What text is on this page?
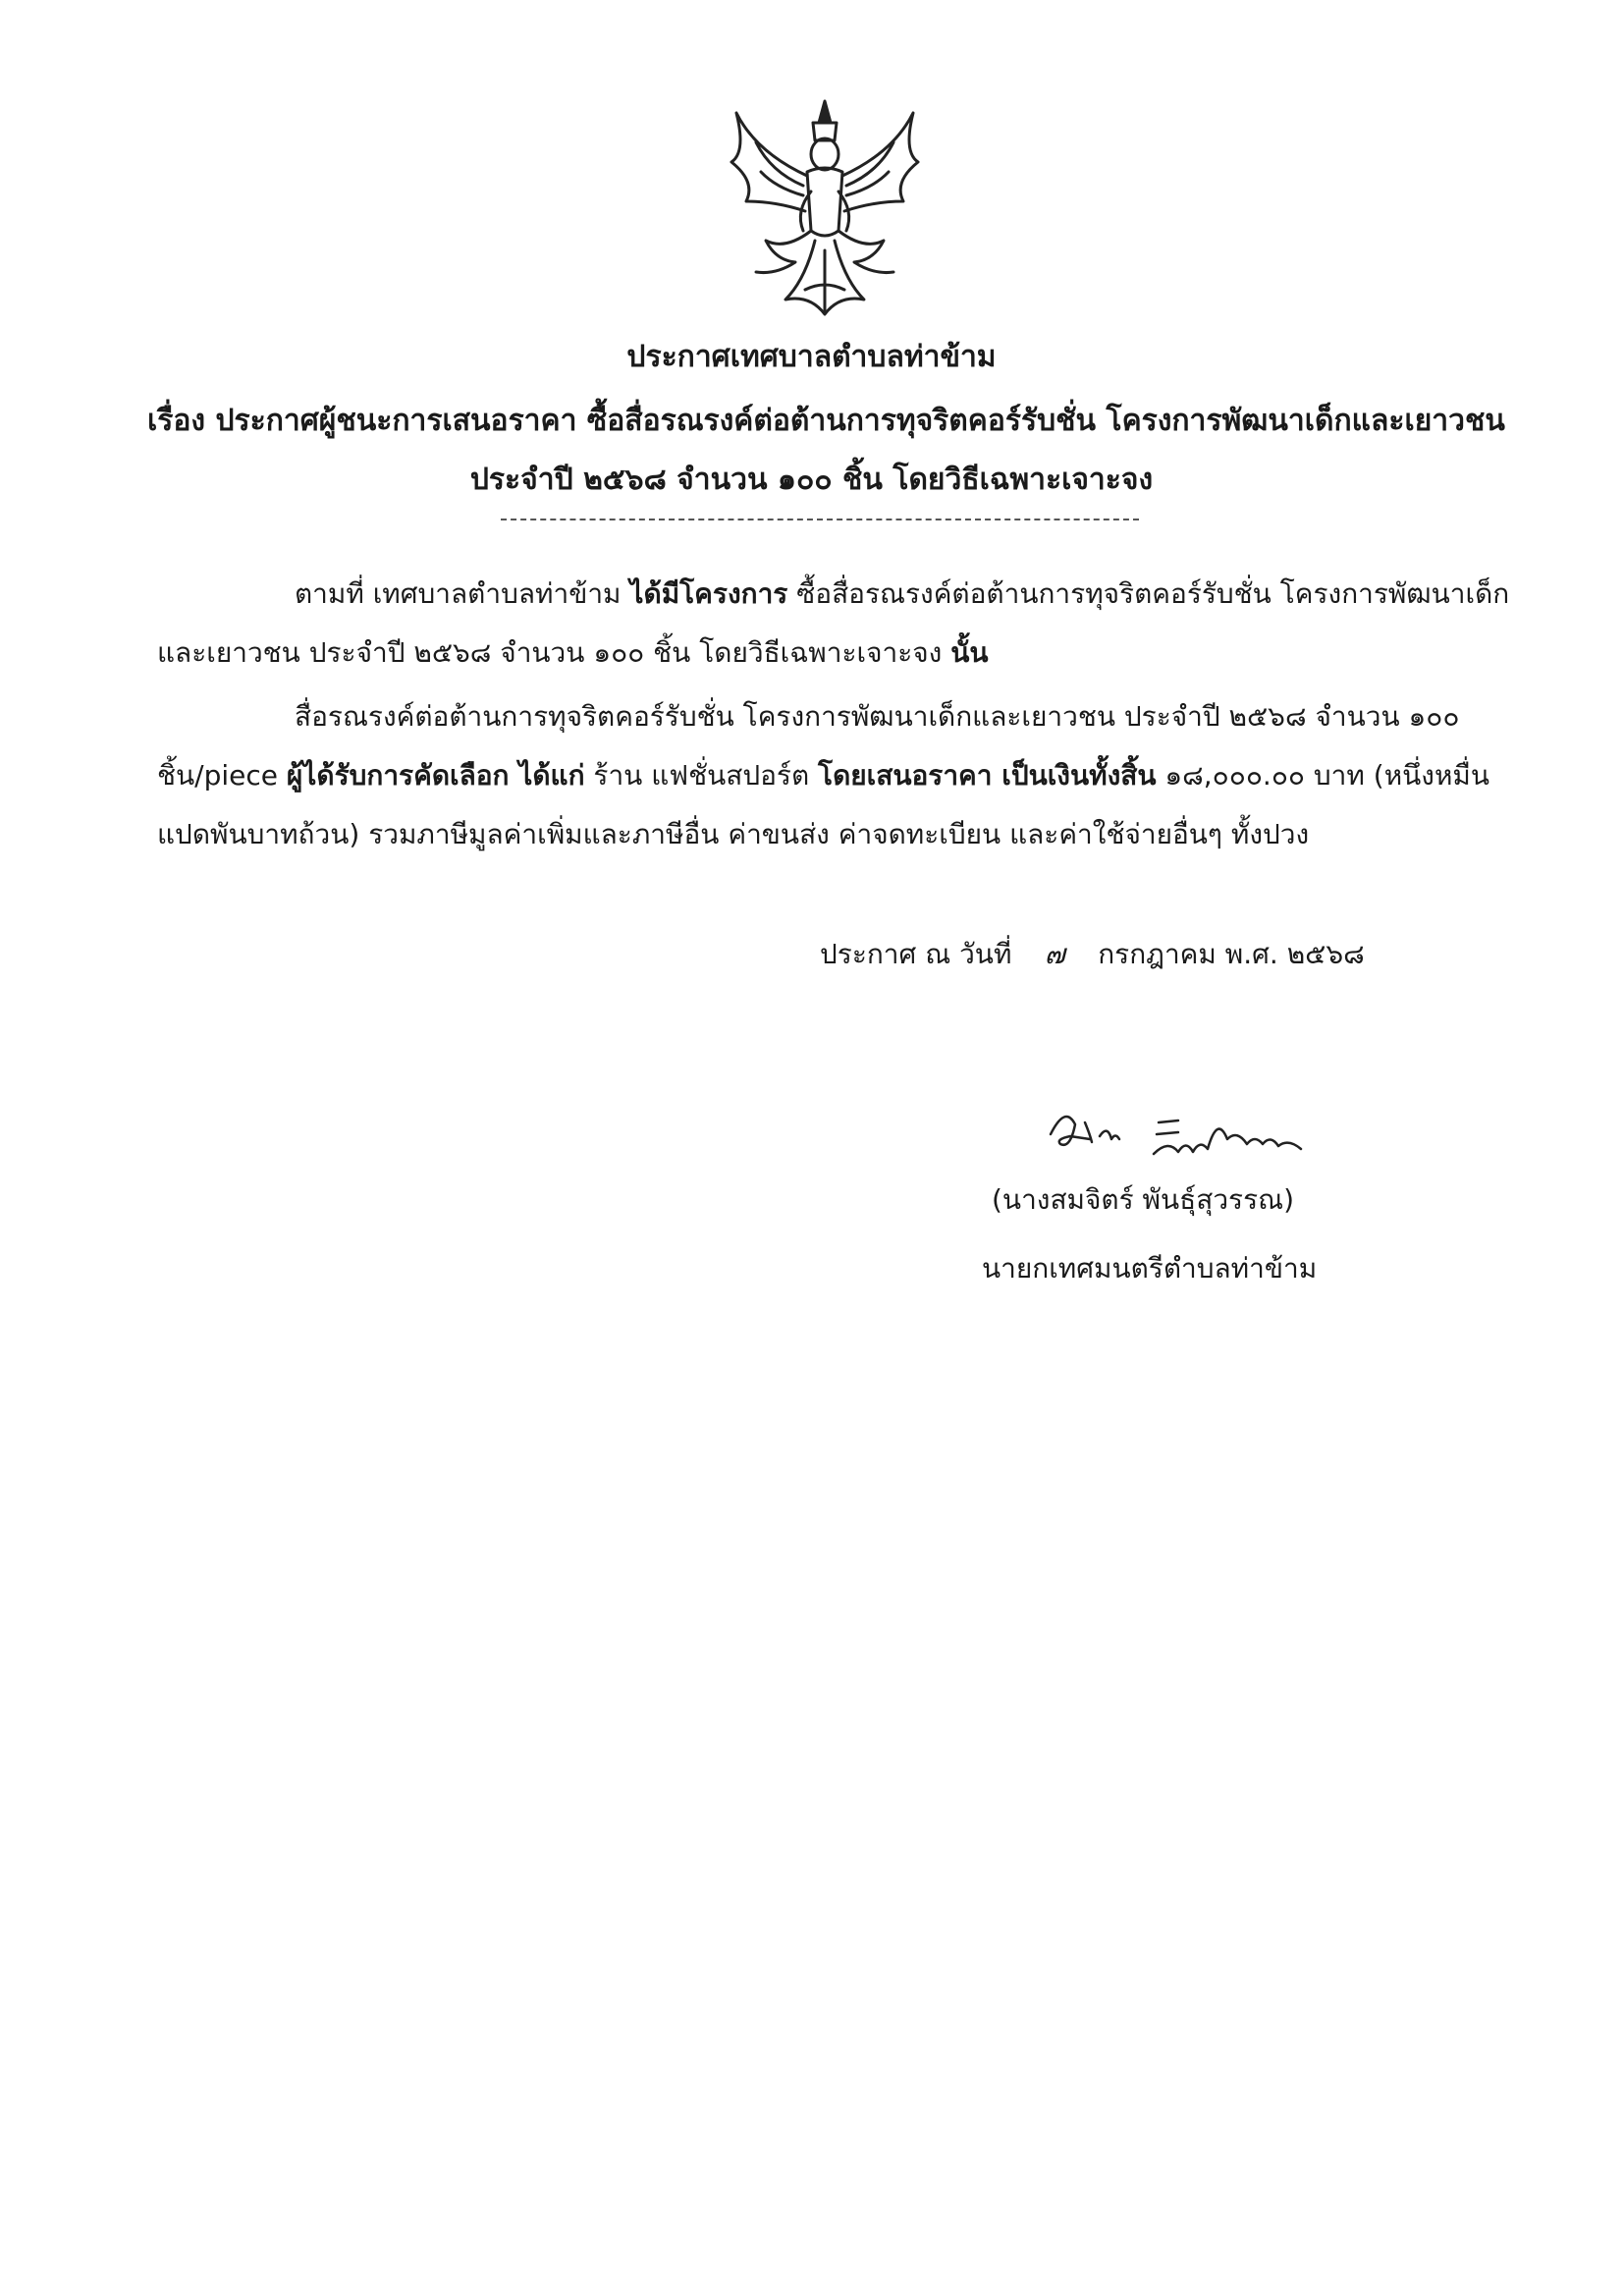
ประกาศเทศบาลตำบลท่าข้าม
เรื่อง ประกาศผู้ชนะการเสนอราคา ซื้อสื่อรณรงค์ต่อต้านการทุจริตคอร์รับชั่น โครงการพัฒนาเด็กและเยาวชน
ประจำปี ๒๕๖๘ จำนวน ๑๐๐ ชิ้น โดยวิธีเฉพาะเจาะจง
ตามที่ เทศบาลตำบลท่าข้าม ได้มีโครงการ ซื้อสื่อรณรงค์ต่อต้านการทุจริตคอร์รับชั่น โครงการพัฒนาเด็ก
และเยาวชน ประจำปี ๒๕๖๘ จำนวน ๑๐๐ ชิ้น โดยวิธีเฉพาะเจาะจง นั้น
สื่อรณรงค์ต่อต้านการทุจริตคอร์รับชั่น โครงการพัฒนาเด็กและเยาวชน ประจำปี ๒๕๖๘ จำนวน ๑๐๐
ชิ้น/piece ผู้ได้รับการคัดเลือก ได้แก่ ร้าน แฟชั่นสปอร์ต โดยเสนอราคา เป็นเงินทั้งสิ้น ๑๘,๐๐๐.๐๐ บาท (หนึ่งหมื่น
แปดพันบาทถ้วน) รวมภาษีมูลค่าเพิ่มและภาษีอื่น ค่าขนส่ง ค่าจดทะเบียน และค่าใช้จ่ายอื่นๆ ทั้งปวง
ประกาศ ณ วันที่ ๗ กรกฎาคม พ.ศ. ๒๕๖๘
(นางสมจิตร์ พันธุ์สุวรรณ)
นายกเทศมนตรีตำบลท่าข้าม
